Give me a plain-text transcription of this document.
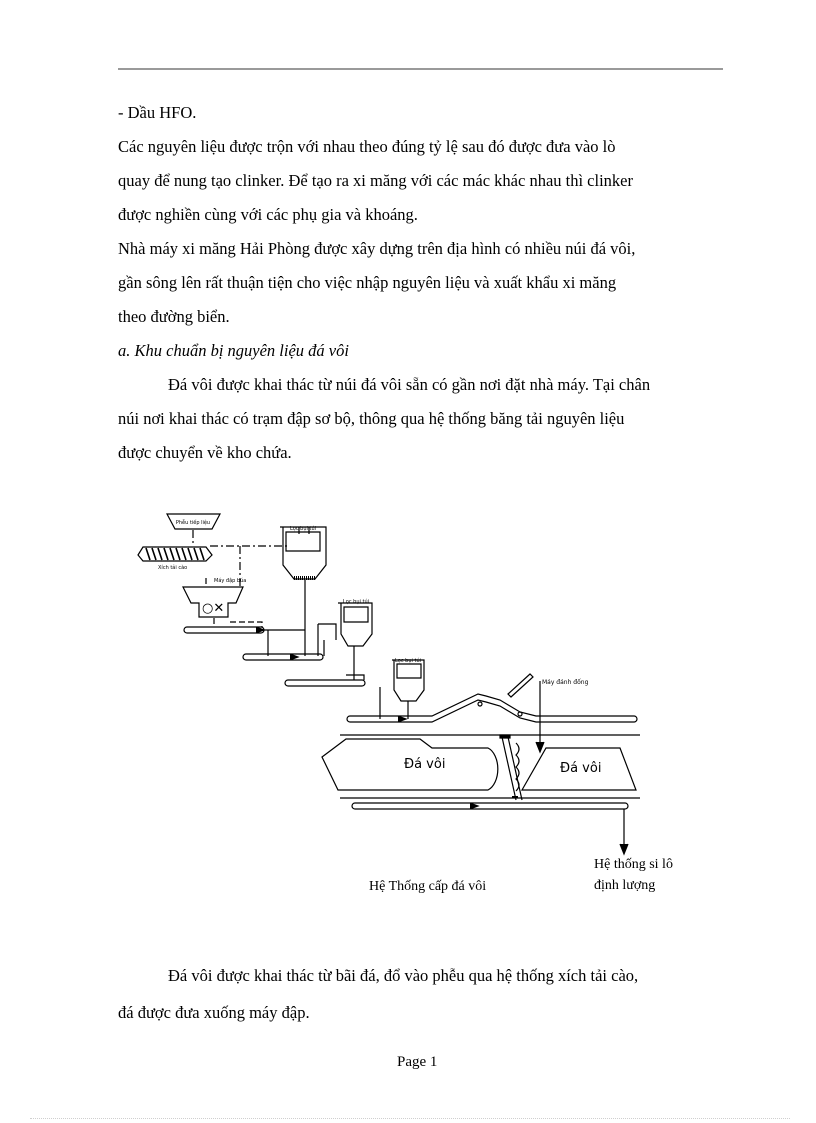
- Dầu HFO.

Các nguyên liệu được trộn với nhau theo đúng tỷ lệ sau đó được đưa vào lò

quay để nung tạo clinker. Để tạo ra xi măng với các mác khác nhau thì clinker

được nghiền cùng với các phụ gia và khoáng.

Nhà máy xi măng Hải Phòng được xây dựng trên địa hình có nhiều núi đá vôi,

gần sông lên rất thuận tiện cho việc nhập nguyên liệu và xuất khẩu xi măng

theo đường biển.

a. Khu chuẩn bị nguyên liệu đá vôi

Đá vôi được khai thác từ núi đá vôi sẵn có gần nơi đặt nhà máy. Tại chân

núi nơi khai thác có trạm đập sơ bộ, thông qua hệ thống băng tải nguyên liệu

được chuyển về kho chứa.

Phễu tiếp liệu
Xích tải cào
Máy đập búa
○✕
Lọc bụi túi
Lọc bụi túi
Lọc bụi túi
Máy đánh đống
Đá vôi	Đá vôi
Hệ Thống cấp đá vôi
Hệ thống si lô
định lượng

Đá vôi được khai thác từ bãi đá, đổ vào phễu qua hệ thống xích tải cào,

đá được đưa xuống máy đập.

Page 1
